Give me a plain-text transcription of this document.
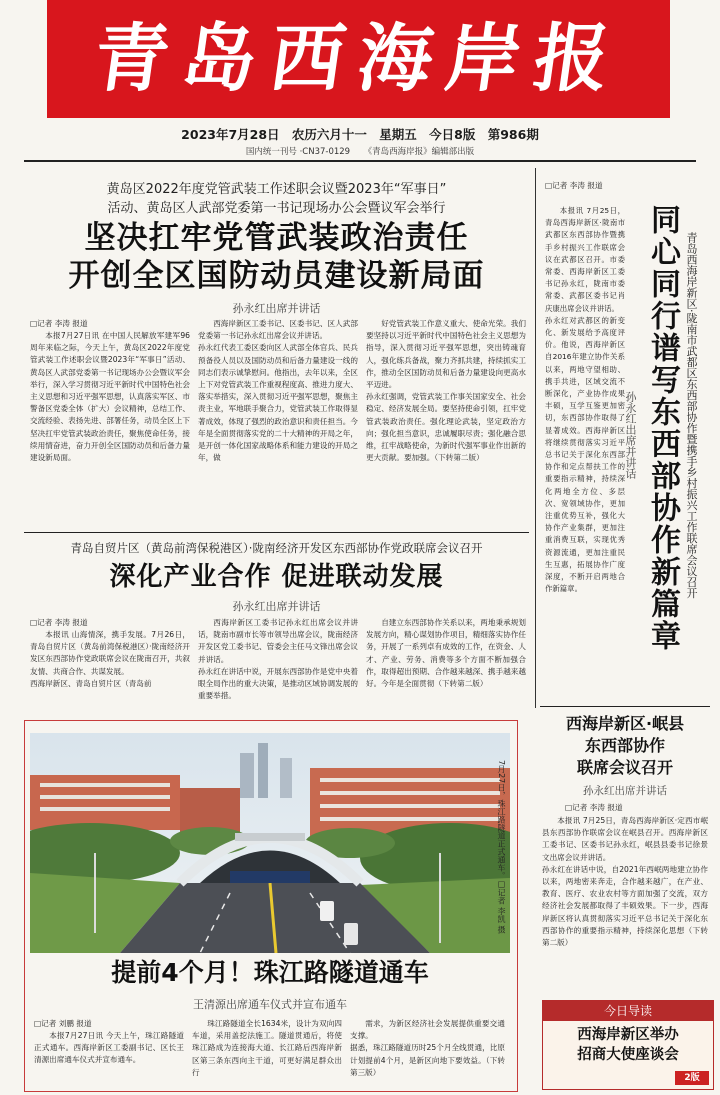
青岛西海岸报
2023年7月28日 农历六月十一 星期五 今日8版 第986期
国内统一刊号 ·CN37-0129 《青岛西海岸报》编辑部出版
黄岛区2022年度党管武装工作述职会议暨2023年“军事日”
活动、黄岛区人武部党委第一书记现场办公会暨议军会举行
坚决扛牢党管武装政治责任
开创全区国防动员建设新局面
孙永红出席并讲话
□记者 李涛 报道

本报7月27日讯 在中国人民解放军建军96周年来临之际，今天上午，黄岛区2022年度党管武装工作述职会议暨2023年“军事日”活动、黄岛区人武部党委第一书记现场办公会暨议军会举行，深入学习贯彻习近平新时代中国特色社会主义思想和习近平强军思想，认真落实军区、市警备区党委全体（扩大）会议精神，总结工作、交流经验、表扬先进、部署任务，动员全区上下坚决扛牢党管武装政治责任，聚焦使命任务，接续用情奋进，奋力开创全区国防动员和后备力量建设新局面。

西海岸新区工委书记、区委书记、区人武部党委第一书记孙永红出席会议并讲话。
孙永红代表工委区委向区人武部全体官兵、民兵预备役人员以及国防动员和后备力量建设一线的同志们表示诚挚慰问。他指出，去年以来，全区上下对党管武装工作重视程度高、推进力度大、落实举措实，深入贯彻习近平强军思想，聚焦主责主业，军地联手聚合力，党管武装工作取得显著成效，体现了强烈的政治意识和责任担当。今年是全面贯彻落实党的二十大精神的开局之年，是开创一体化国家战略体系和能力建设的开局之年，做

好党管武装工作意义重大、使命光荣。我们要坚持以习近平新时代中国特色社会主义思想为指导，深入贯彻习近平强军思想，突出铸魂育人，强化练兵备战，聚力齐抓共建，持续抓实工作，推动全区国防动员和后备力量建设向更高水平迈进。
孙永红强调，党管武装工作事关国家安全、社会稳定、经济发展全局。要坚持使命引领，扛牢党管武装政治责任。强化理论武装，坚定政治方向；强化担当意识，忠诚履职尽责；强化融合思维，扛牢战略使命，为新时代强军事业作出新的更大贡献。要加强。（下转第二版）

青岛自贸片区（黄岛前湾保税港区）·陇南经济开发区东西部协作党政联席会议召开
深化产业合作 促进联动发展
孙永红出席并讲话
□记者 李涛 报道

本报讯 山海情深，携手发展。7月26日，青岛自贸片区（黄岛前湾保税港区）·陇南经济开发区东西部协作党政联席会议在陇南召开，共叙友情、共商合作、共谋发展。
西海岸新区、青岛自贸片区（青岛前

西海岸新区工委书记孙永红出席会议并讲话，陇南市副市长等市领导出席会议，陇南经济开发区党工委书记、管委会主任马文锋出席会议并讲话。
孙永红在讲话中说，开展东西部协作是党中央着眼全局作出的重大决策，是推动区域协调发展的重要举措。

自建立东西部协作关系以来，两地秉承规划发展方向，精心谋划协作项目，精细落实协作任务，开展了一系列卓有成效的工作，在资金、人才、产业、劳务、消费等多个方面不断加强合作，取得超出预期、合作越来越深、携手越来越好。今年是全面贯彻（下转第二版）

7月27日，珠江路隧道正式通车。□记者 李凯 摄
提前4个月！珠江路隧道通车
王清源出席通车仪式并宣布通车
□记者 刘鹏 报道

本报7月27日讯 今天上午，珠江路隧道正式通车。西海岸新区工委副书记、区长王清源出席通车仪式并宣布通车。

珠江路隧道全长1634米，设计为双向四车道，采用盖挖法施工。隧道贯通后，将使珠江路成为连接海大道、长江路后西海岸新区第三条东西向主干道，可更好满足群众出行

需求，为新区经济社会发展提供重要交通支撑。
据悉，珠江路隧道历时25个月全线贯通，比原计划提前4个月，是新区向地下要效益。（下转第三版）

同心同行谱写东西部协作新篇章 青岛西海岸新区·陇南市武都区东西部协作暨携手乡村振兴工作联席会议召开
孙永红出席并讲话
□记者 李涛 报道

本报讯 7月25日，青岛西海岸新区·陇南市武都区东西部协作暨携手乡村振兴工作联席会议在武都区召开。市委常委、西海岸新区工委书记孙永红，陇南市委常委、武都区委书记肖庆康出席会议并讲话。
孙永红对武都区的新变化、新发展给予高度评价。他说，西海岸新区自2016年建立协作关系以来，两地守望相助、携手共进，区域交流不断深化，产业协作成果丰硕，互学互鉴更加密切，东西部协作取得了显著成效。西海岸新区将继续贯彻落实习近平总书记关于深化东西部协作和定点帮扶工作的重要指示精神，持续深化两地全方位、多层次、宽领域协作，更加注重优势互补，强化大协作产业集群，更加注重消费互联，实现优秀资源流通，更加注重民生互惠，拓展协作广度深度，不断开启两地合作新篇章。

西海岸新区·岷县
东西部协作
联席会议召开
孙永红出席并讲话
□记者 李涛 报道

本报讯 7月25日，青岛西海岸新区·定西市岷县东西部协作联席会议在岷县召开。西海岸新区工委书记、区委书记孙永红，岷县县委书记徐景文出席会议并讲话。
孙永红在讲话中说，自2021年西岷两地建立协作以来，两地密来奔走，合作越来越广，在产业、教育、医疗、农业农村等方面加强了交流，双方经济社会发展都取得了丰硕效果。下一步，西海岸新区将认真贯彻落实习近平总书记关于深化东西部协作的重要指示精神，持续深化思想（下转第二版）

今日导读
西海岸新区举办
招商大使座谈会
2版
